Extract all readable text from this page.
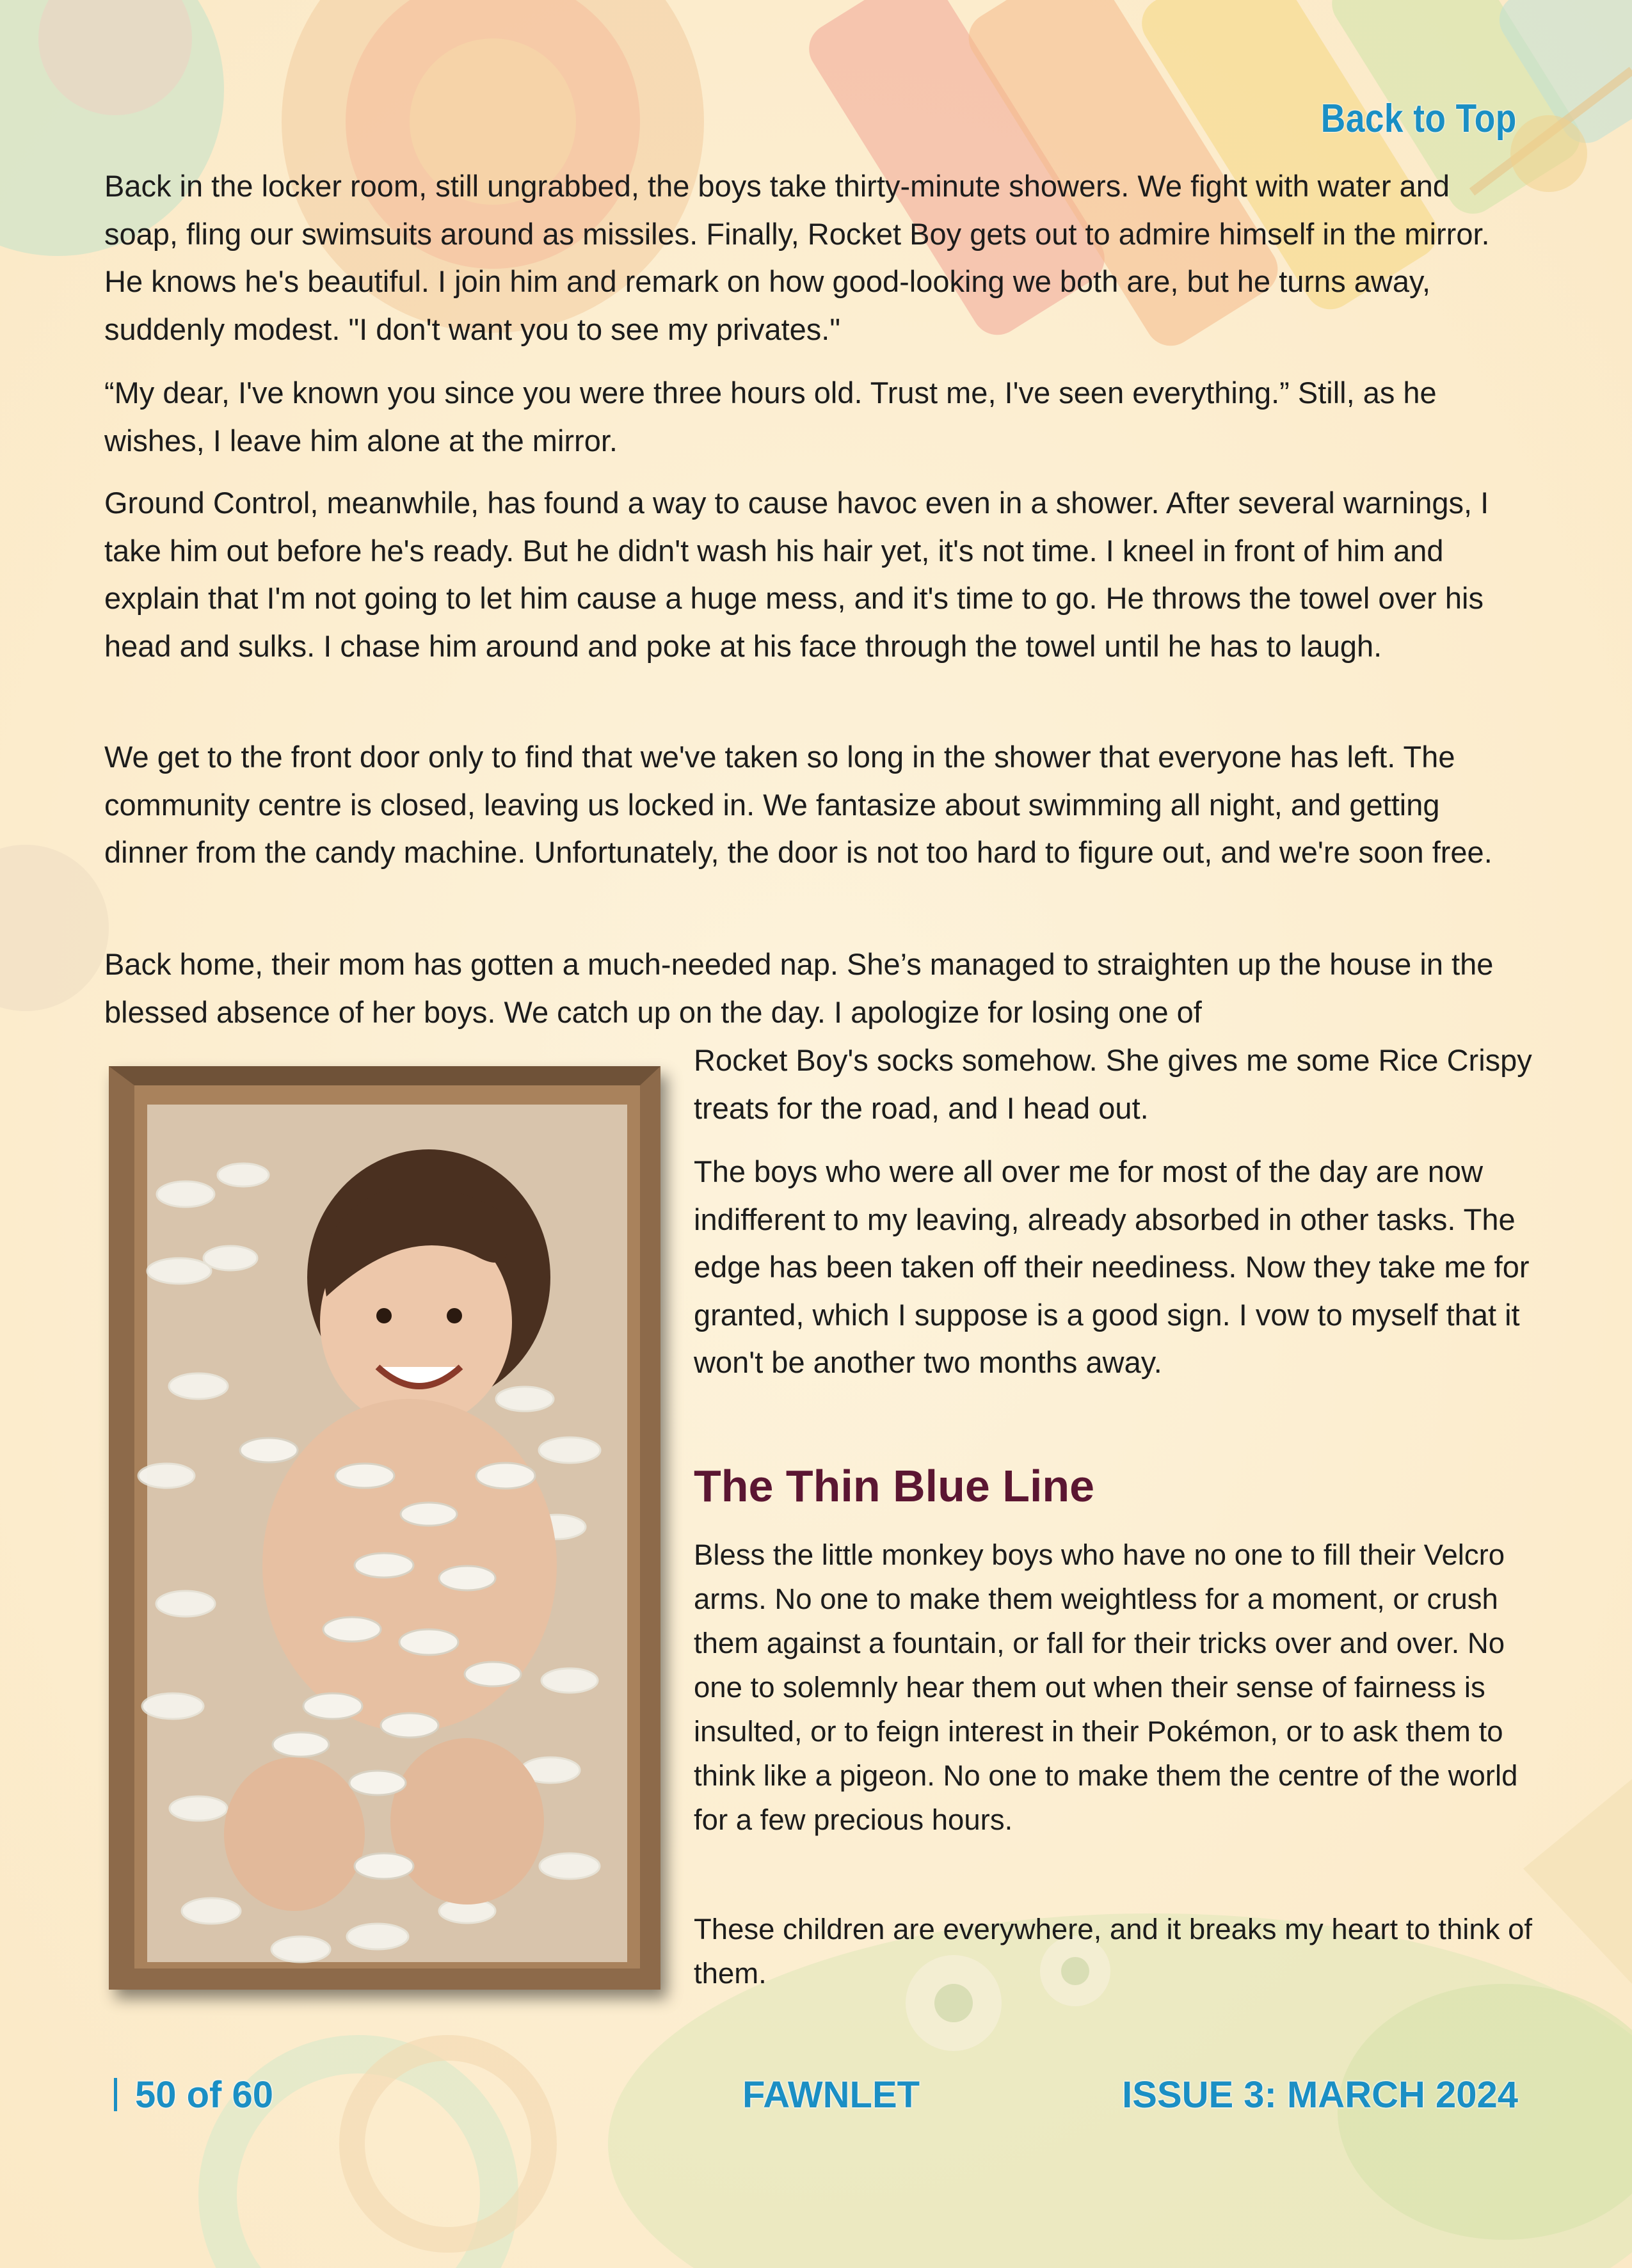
Back to Top

Back in the locker room, still ungrabbed, the boys take thirty-minute showers. We fight with water and soap, fling our swimsuits around as missiles. Finally, Rocket Boy gets out to admire himself in the mirror. He knows he's beautiful. I join him and remark on how good-looking we both are, but he turns away, suddenly modest. "I don't want you to see my privates."

“My dear, I've known you since you were three hours old. Trust me, I've seen everything.” Still, as he wishes, I leave him alone at the mirror.

Ground Control, meanwhile, has found a way to cause havoc even in a shower. After several warnings, I take him out before he's ready. But he didn't wash his hair yet, it's not time. I kneel in front of him and explain that I'm not going to let him cause a huge mess, and it's time to go. He throws the towel over his head and sulks. I chase him around and poke at his face through the towel until he has to laugh.

We get to the front door only to find that we've taken so long in the shower that everyone has left. The community centre is closed, leaving us locked in. We fantasize about swimming all night, and getting dinner from the candy machine. Unfortunately, the door is not too hard to figure out, and we're soon free.

Back home, their mom has gotten a much-needed nap. She’s managed to straighten up the house in the blessed absence of her boys. We catch up on the day. I apologize for losing one of

Rocket Boy's socks somehow. She gives me some Rice Crispy treats for the road, and I head out.

The boys who were all over me for most of the day are now indifferent to my leaving, already absorbed in other tasks. The edge has been taken off their neediness. Now they take me for granted, which I suppose is a good sign. I vow to myself that it won't be another two months away.

The Thin Blue Line

Bless the little monkey boys who have no one to fill their Velcro arms. No one to make them weightless for a moment, or crush them against a fountain, or fall for their tricks over and over. No one to solemnly hear them out when their sense of fairness is insulted, or to feign interest in their Pokémon, or to ask them to think like a pigeon. No one to make them the centre of the world for a few precious hours.

These children are everywhere, and it breaks my heart to think of them.

50 of 60	FAWNLET	ISSUE 3: MARCH 2024
